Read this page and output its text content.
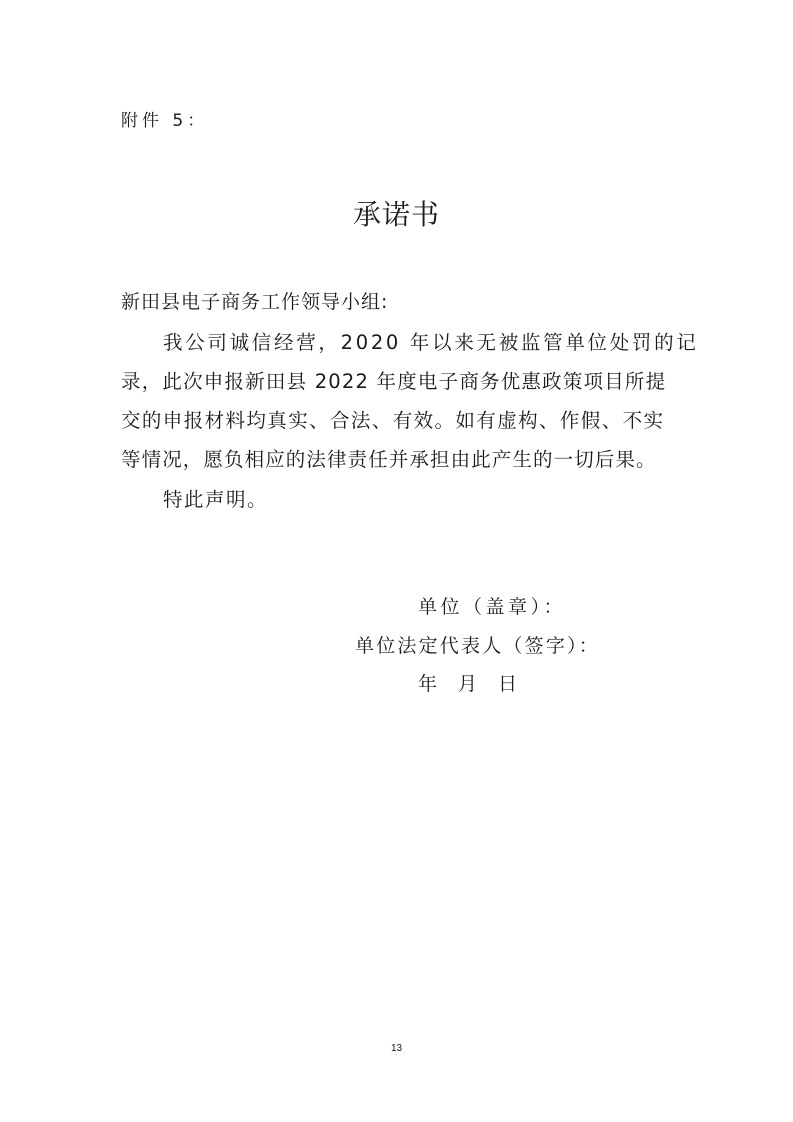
附件 5：
承诺书
新田县电子商务工作领导小组:
我公司诚信经营，2020 年以来无被监管单位处罚的记
录，此次申报新田县 2022 年度电子商务优惠政策项目所提
交的申报材料均真实、合法、有效。如有虚构、作假、不实
等情况，愿负相应的法律责任并承担由此产生的一切后果。
特此声明。
单位（盖章）：
单位法定代表人（签字）：
年　月　日
13
